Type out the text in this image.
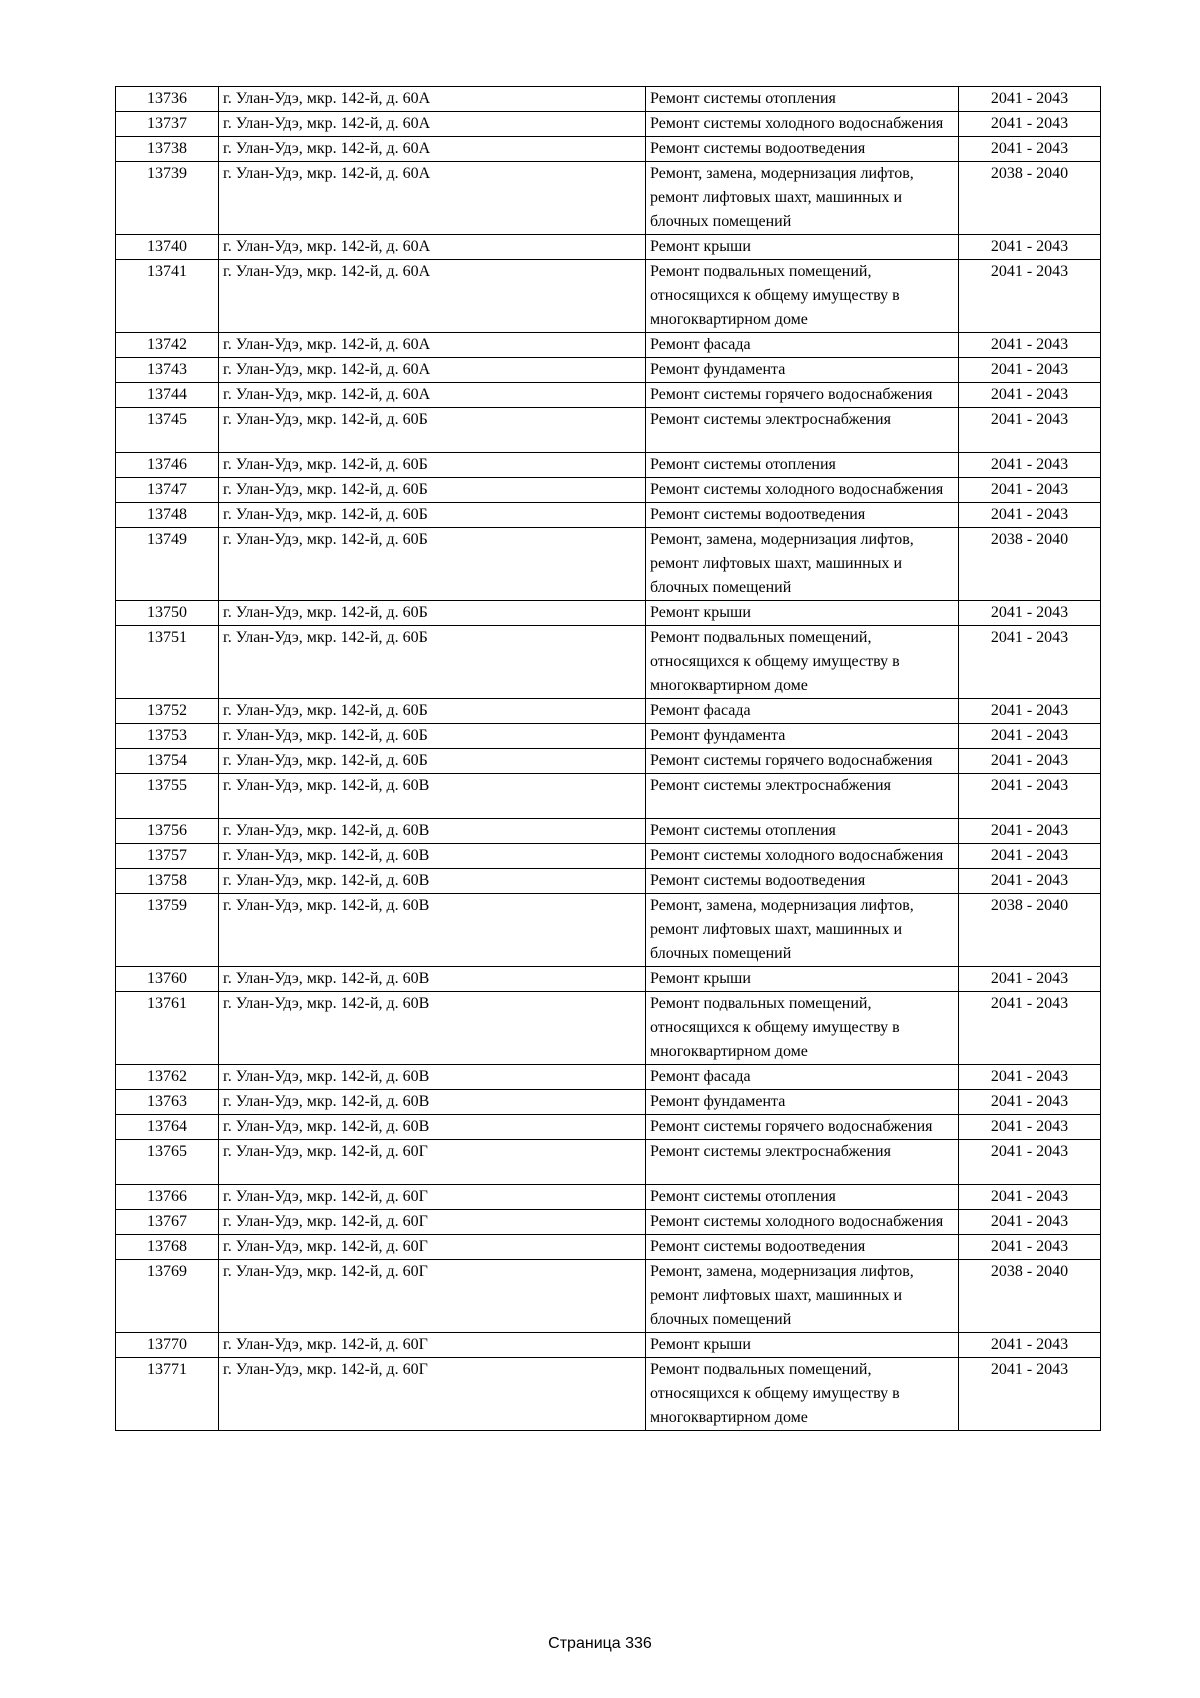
13736	г. Улан-Удэ, мкр. 142-й, д. 60А	Ремонт системы отопления	2041 - 2043
13737	г. Улан-Удэ, мкр. 142-й, д. 60А	Ремонт системы холодного водоснабжения	2041 - 2043
13738	г. Улан-Удэ, мкр. 142-й, д. 60А	Ремонт системы водоотведения	2041 - 2043
13739	г. Улан-Удэ, мкр. 142-й, д. 60А	Ремонт, замена, модернизация лифтов, ремонт лифтовых шахт, машинных и блочных помещений	2038 - 2040
13740	г. Улан-Удэ, мкр. 142-й, д. 60А	Ремонт крыши	2041 - 2043
13741	г. Улан-Удэ, мкр. 142-й, д. 60А	Ремонт подвальных помещений, относящихся к общему имуществу в многоквартирном доме	2041 - 2043
13742	г. Улан-Удэ, мкр. 142-й, д. 60А	Ремонт фасада	2041 - 2043
13743	г. Улан-Удэ, мкр. 142-й, д. 60А	Ремонт фундамента	2041 - 2043
13744	г. Улан-Удэ, мкр. 142-й, д. 60А	Ремонт системы горячего водоснабжения	2041 - 2043
13745	г. Улан-Удэ, мкр. 142-й, д. 60Б	Ремонт системы электроснабжения	2041 - 2043
13746	г. Улан-Удэ, мкр. 142-й, д. 60Б	Ремонт системы отопления	2041 - 2043
13747	г. Улан-Удэ, мкр. 142-й, д. 60Б	Ремонт системы холодного водоснабжения	2041 - 2043
13748	г. Улан-Удэ, мкр. 142-й, д. 60Б	Ремонт системы водоотведения	2041 - 2043
13749	г. Улан-Удэ, мкр. 142-й, д. 60Б	Ремонт, замена, модернизация лифтов, ремонт лифтовых шахт, машинных и блочных помещений	2038 - 2040
13750	г. Улан-Удэ, мкр. 142-й, д. 60Б	Ремонт крыши	2041 - 2043
13751	г. Улан-Удэ, мкр. 142-й, д. 60Б	Ремонт подвальных помещений, относящихся к общему имуществу в многоквартирном доме	2041 - 2043
13752	г. Улан-Удэ, мкр. 142-й, д. 60Б	Ремонт фасада	2041 - 2043
13753	г. Улан-Удэ, мкр. 142-й, д. 60Б	Ремонт фундамента	2041 - 2043
13754	г. Улан-Удэ, мкр. 142-й, д. 60Б	Ремонт системы горячего водоснабжения	2041 - 2043
13755	г. Улан-Удэ, мкр. 142-й, д. 60В	Ремонт системы электроснабжения	2041 - 2043
13756	г. Улан-Удэ, мкр. 142-й, д. 60В	Ремонт системы отопления	2041 - 2043
13757	г. Улан-Удэ, мкр. 142-й, д. 60В	Ремонт системы холодного водоснабжения	2041 - 2043
13758	г. Улан-Удэ, мкр. 142-й, д. 60В	Ремонт системы водоотведения	2041 - 2043
13759	г. Улан-Удэ, мкр. 142-й, д. 60В	Ремонт, замена, модернизация лифтов, ремонт лифтовых шахт, машинных и блочных помещений	2038 - 2040
13760	г. Улан-Удэ, мкр. 142-й, д. 60В	Ремонт крыши	2041 - 2043
13761	г. Улан-Удэ, мкр. 142-й, д. 60В	Ремонт подвальных помещений, относящихся к общему имуществу в многоквартирном доме	2041 - 2043
13762	г. Улан-Удэ, мкр. 142-й, д. 60В	Ремонт фасада	2041 - 2043
13763	г. Улан-Удэ, мкр. 142-й, д. 60В	Ремонт фундамента	2041 - 2043
13764	г. Улан-Удэ, мкр. 142-й, д. 60В	Ремонт системы горячего водоснабжения	2041 - 2043
13765	г. Улан-Удэ, мкр. 142-й, д. 60Г	Ремонт системы электроснабжения	2041 - 2043
13766	г. Улан-Удэ, мкр. 142-й, д. 60Г	Ремонт системы отопления	2041 - 2043
13767	г. Улан-Удэ, мкр. 142-й, д. 60Г	Ремонт системы холодного водоснабжения	2041 - 2043
13768	г. Улан-Удэ, мкр. 142-й, д. 60Г	Ремонт системы водоотведения	2041 - 2043
13769	г. Улан-Удэ, мкр. 142-й, д. 60Г	Ремонт, замена, модернизация лифтов, ремонт лифтовых шахт, машинных и блочных помещений	2038 - 2040
13770	г. Улан-Удэ, мкр. 142-й, д. 60Г	Ремонт крыши	2041 - 2043
13771	г. Улан-Удэ, мкр. 142-й, д. 60Г	Ремонт подвальных помещений, относящихся к общему имуществу в многоквартирном доме	2041 - 2043
Страница 336
